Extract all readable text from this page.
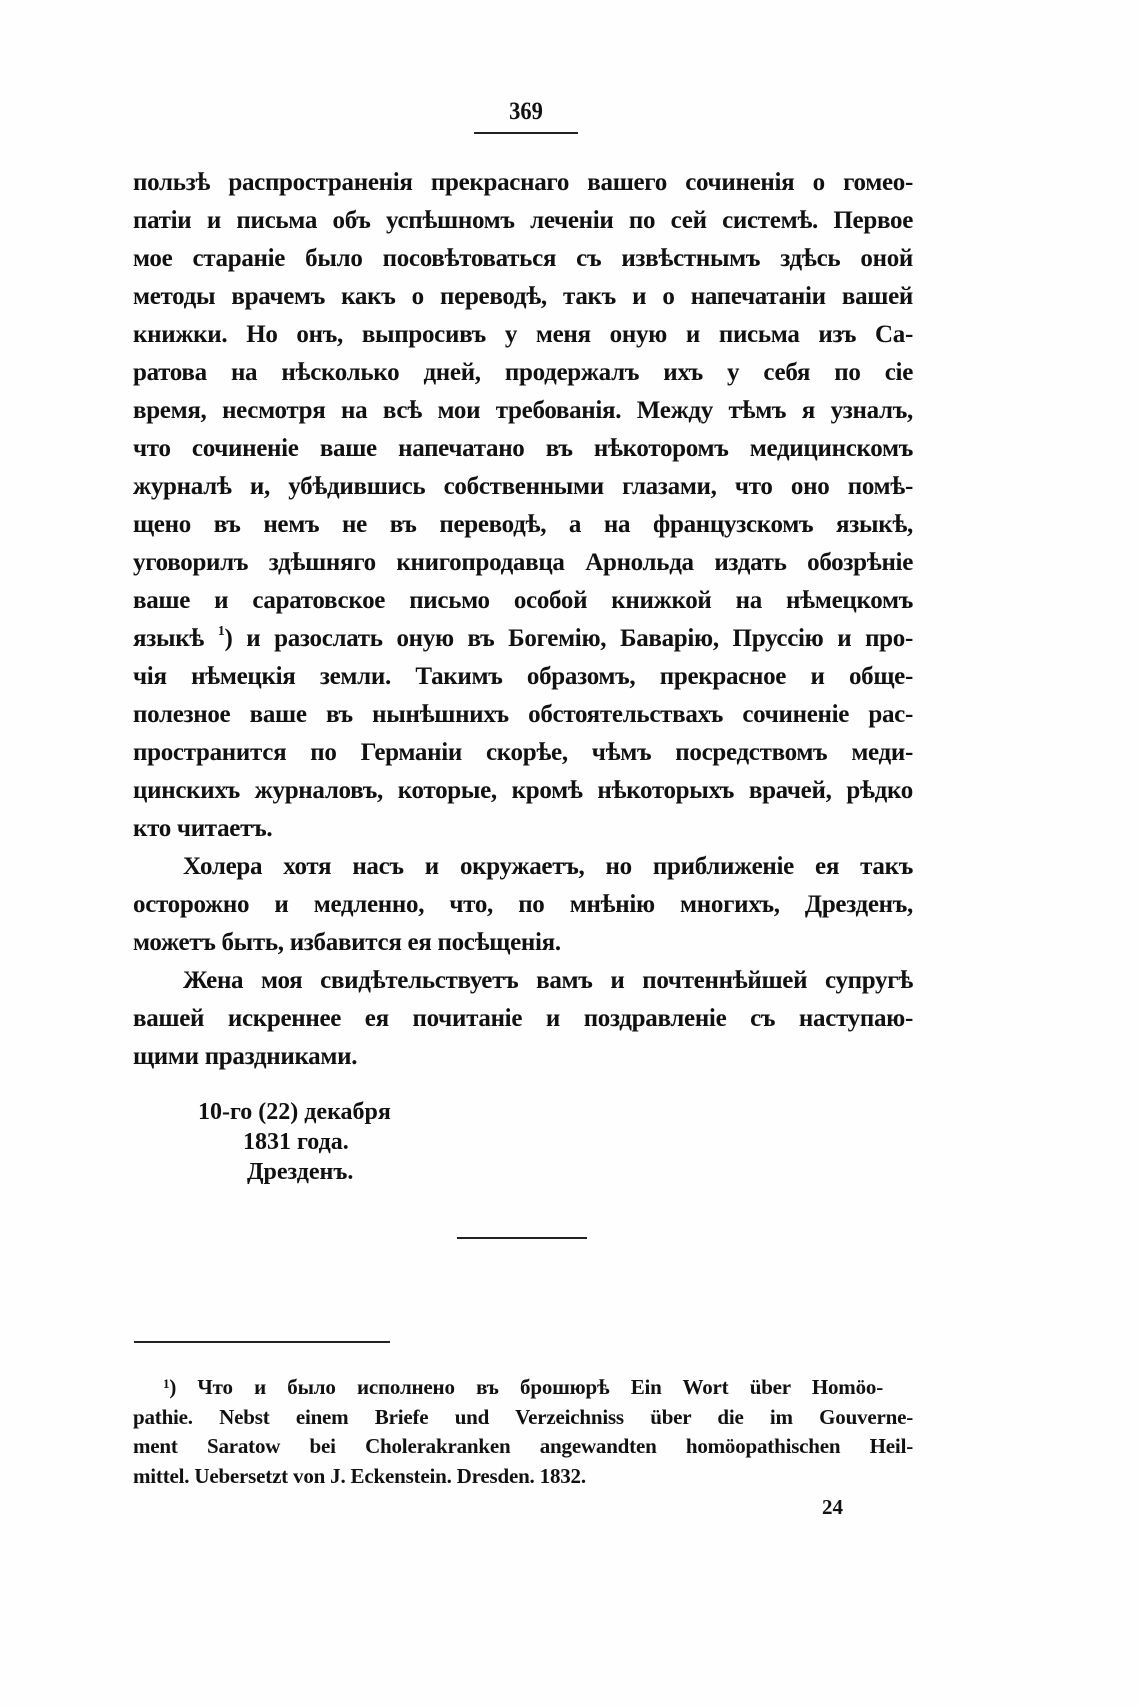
369
пользѣ распространенія прекраснаго вашего сочиненія о гомео-
патіи и письма объ успѣшномъ леченіи по сей системѣ. Первое
мое стараніе было посовѣтоваться съ извѣстнымъ здѣсь оной
методы врачемъ какъ о переводѣ, такъ и о напечатаніи вашей
книжки. Но онъ, выпросивъ у меня оную и письма изъ Са-
ратова на нѣсколько дней, продержалъ ихъ у себя по сіе
время, несмотря на всѣ мои требованія. Между тѣмъ я узналъ,
что сочиненіе ваше напечатано въ нѣкоторомъ медицинскомъ
журналѣ и, убѣдившись собственными глазами, что оно помѣ-
щено въ немъ не въ переводѣ, а на французскомъ языкѣ,
уговорилъ здѣшняго книгопродавца Арнольда издать обозрѣніе
ваше и саратовское письмо особой книжкой на нѣмецкомъ
языкѣ $^1$) и разослать оную въ Богемію, Баварію, Пруссію и про-
чія нѣмецкія земли. Такимъ образомъ, прекрасное и обще-
полезное ваше въ нынѣшнихъ обстоятельствахъ сочиненіе рас-
пространится по Германіи скорѣе, чѣмъ посредствомъ меди-
цинскихъ журналовъ, которые, кромѣ нѣкоторыхъ врачей, рѣдко
кто читаетъ.
Холера хотя насъ и окружаетъ, но приближеніе ея такъ
осторожно и медленно, что, по мнѣнію многихъ, Дрезденъ,
можетъ быть, избавится ея посѣщенія.
Жена моя свидѣтельствуетъ вамъ и почтеннѣйшей супругѣ
вашей искреннее ея почитаніе и поздравленіе съ наступаю-
щими праздниками.
10-го (22) декабря
1831 года.
Дрезденъ.
$^1$) Что и было исполнено въ брошюрѣ Ein Wort über Homöo-
pathie. Nebst einem Briefe und Verzeichniss über die im Gouverne-
ment Saratow bei Cholerakranken angewandten homöopathischen Heil-
mittel. Uebersetzt von J. Eckenstein. Dresden. 1832.
24
